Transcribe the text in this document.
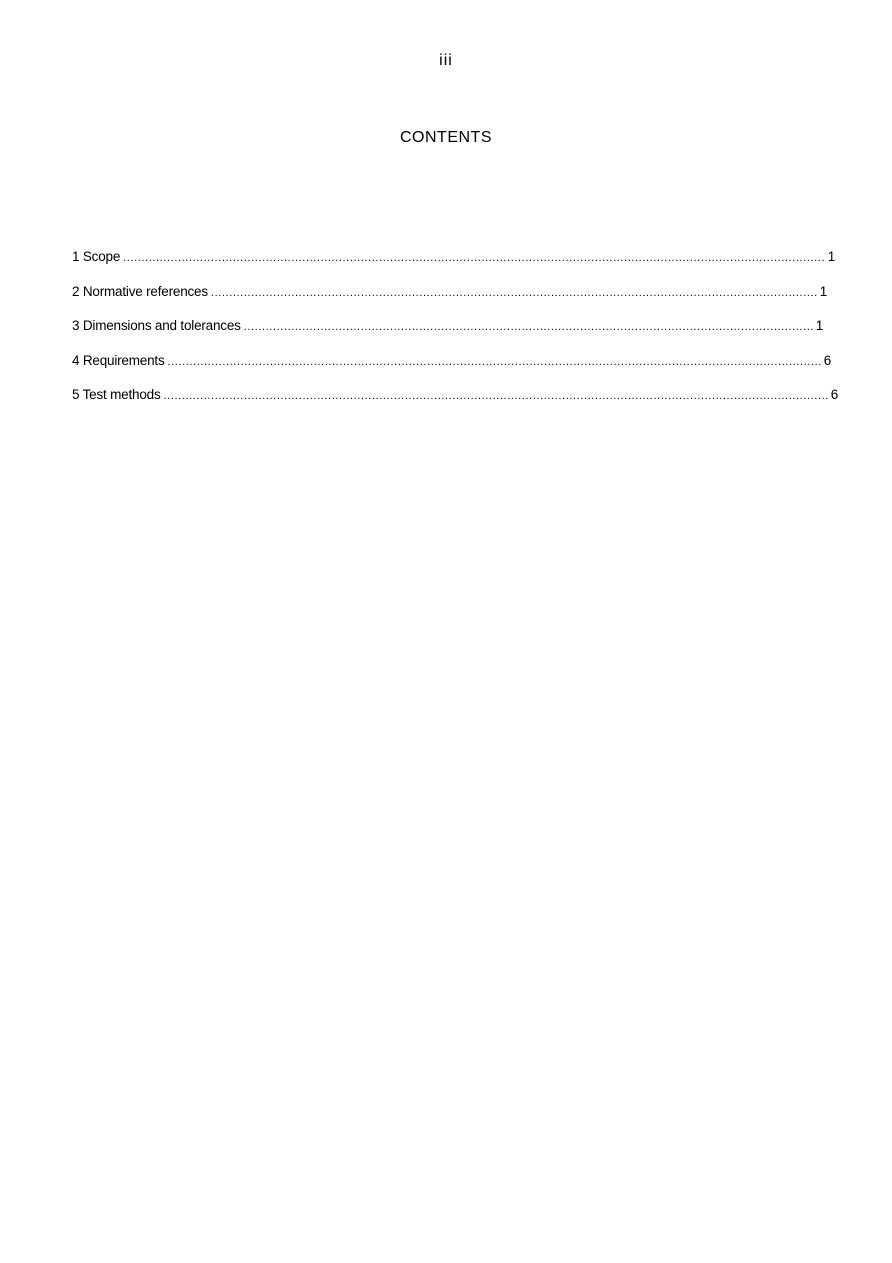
iii
CONTENTS
1 Scope .....	1
2 Normative references .....	1
3 Dimensions and tolerances .....	1
4 Requirements .....	6
5 Test methods .....	6
